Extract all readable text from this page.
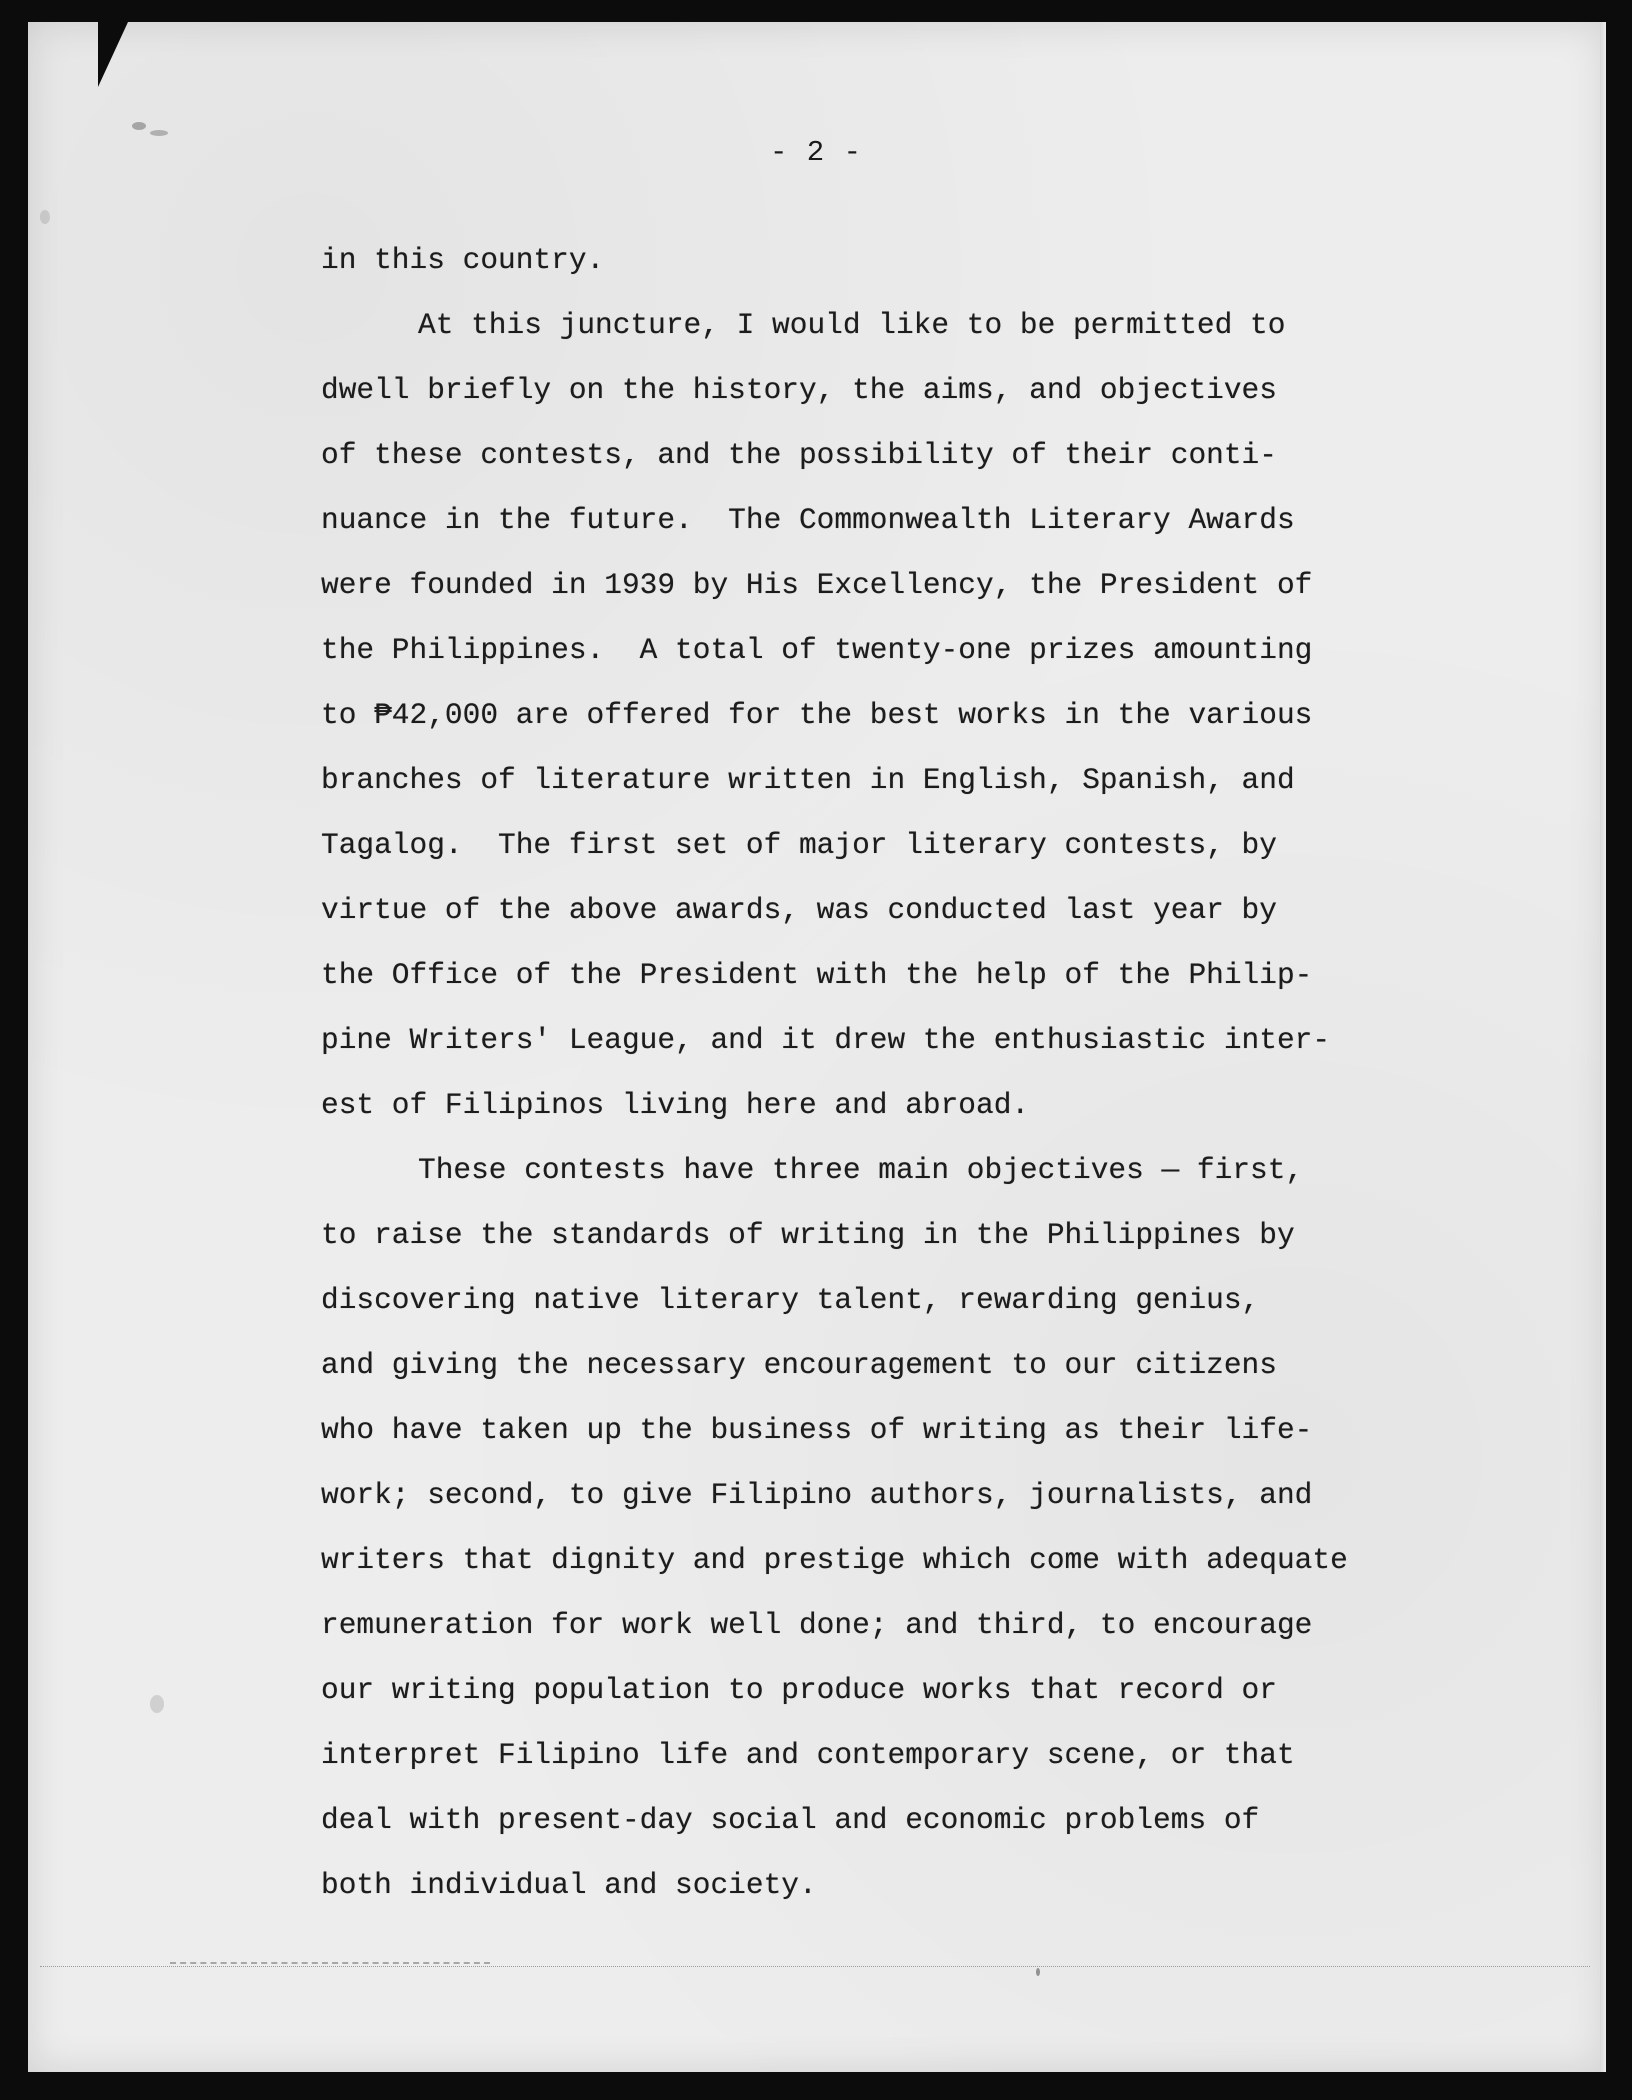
- 2 -
in this country.
At this juncture, I would like to be permitted to
dwell briefly on the history, the aims, and objectives
of these contests, and the possibility of their conti-
nuance in the future.  The Commonwealth Literary Awards
were founded in 1939 by His Excellency, the President of
the Philippines.  A total of twenty-one prizes amounting
to ₱42,000 are offered for the best works in the various
branches of literature written in English, Spanish, and
Tagalog.  The first set of major literary contests, by
virtue of the above awards, was conducted last year by
the Office of the President with the help of the Philip-
pine Writers' League, and it drew the enthusiastic inter-
est of Filipinos living here and abroad.
These contests have three main objectives — first,
to raise the standards of writing in the Philippines by
discovering native literary talent, rewarding genius,
and giving the necessary encouragement to our citizens
who have taken up the business of writing as their life-
work; second, to give Filipino authors, journalists, and
writers that dignity and prestige which come with adequate
remuneration for work well done; and third, to encourage
our writing population to produce works that record or
interpret Filipino life and contemporary scene, or that
deal with present-day social and economic problems of
both individual and society.
